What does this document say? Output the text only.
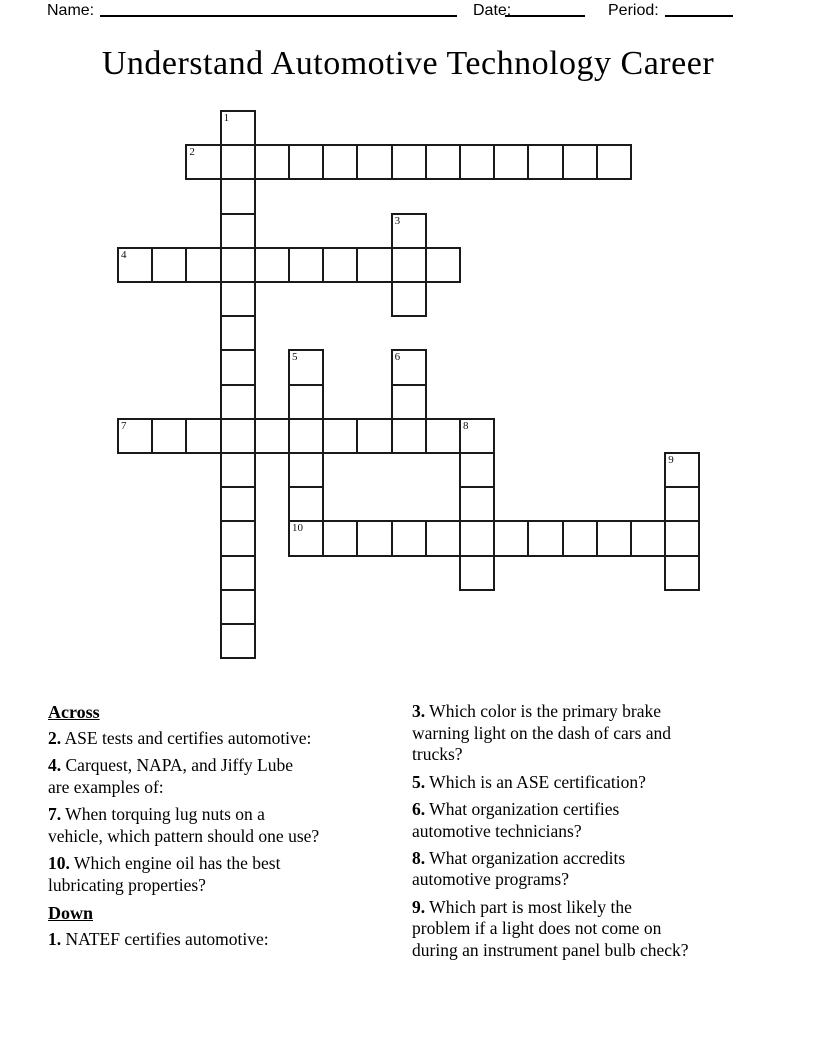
Name:	Date:	Period:
Understand Automotive Technology Career
1
2
3
4
5
10
6
7	8
9
Across

2. ASE tests and certifies automotive:

4. Carquest, NAPA, and Jiffy Lube
are examples of:

7. When torquing lug nuts on a
vehicle, which pattern should one use?

10. Which engine oil has the best
lubricating properties?

Down

1. NATEF certifies automotive:

3. Which color is the primary brake
warning light on the dash of cars and
trucks?

5. Which is an ASE certification?

6. What organization certifies
automotive technicians?

8. What organization accredits
automotive programs?

9. Which part is most likely the
problem if a light does not come on
during an instrument panel bulb check?
